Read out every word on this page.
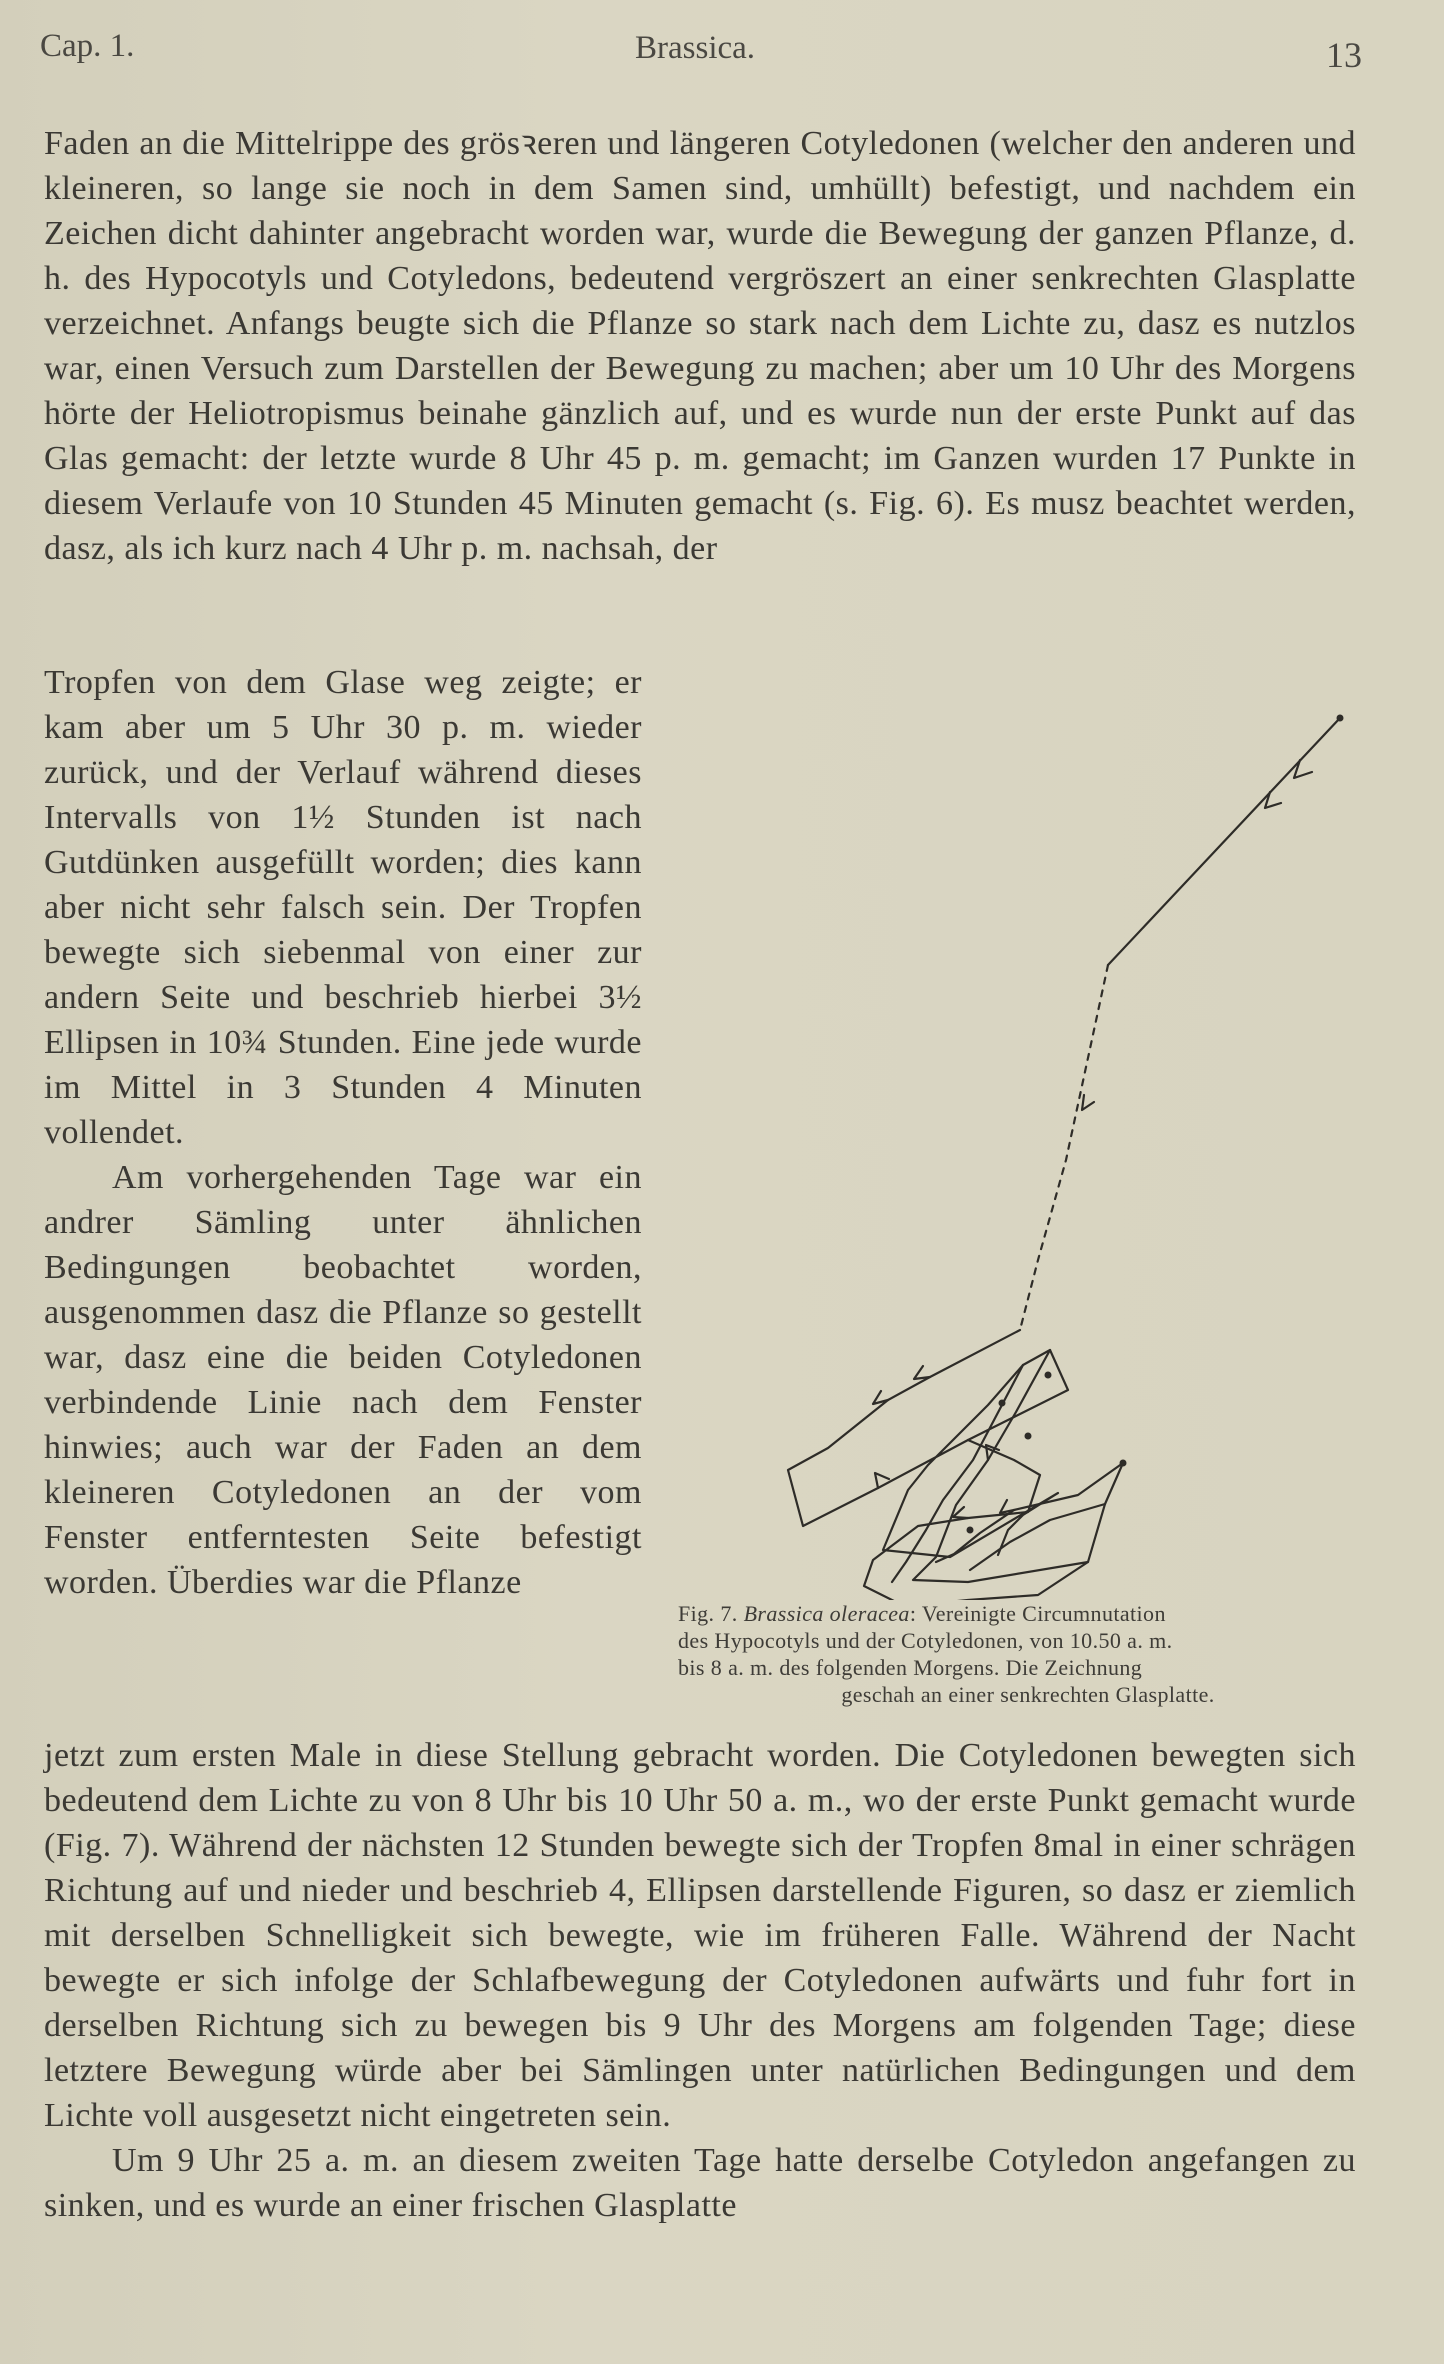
Cap. 1.	Brassica.	13

Faden an die Mittelrippe des grösꝛeren und längeren Cotyledonen (welcher den anderen und kleineren, so lange sie noch in dem Samen sind, umhüllt) befestigt, und nachdem ein Zeichen dicht dahinter angebracht worden war, wurde die Bewegung der ganzen Pflanze, d. h. des Hypocotyls und Cotyledons, bedeutend vergröszert an einer senkrechten Glasplatte verzeichnet. Anfangs beugte sich die Pflanze so stark nach dem Lichte zu, dasz es nutzlos war, einen Versuch zum Darstellen der Bewegung zu machen; aber um 10 Uhr des Morgens hörte der Heliotropismus beinahe gänzlich auf, und es wurde nun der erste Punkt auf das Glas gemacht: der letzte wurde 8 Uhr 45 p. m. gemacht; im Ganzen wurden 17 Punkte in diesem Verlaufe von 10 Stunden 45 Minuten gemacht (s. Fig. 6). Es musz beachtet werden, dasz, als ich kurz nach 4 Uhr p. m. nachsah, der

Tropfen von dem Glase weg zeigte; er kam aber um 5 Uhr 30 p. m. wieder zurück, und der Verlauf während dieses Intervalls von 1½ Stunden ist nach Gutdünken ausgefüllt worden; dies kann aber nicht sehr falsch sein. Der Tropfen bewegte sich siebenmal von einer zur andern Seite und beschrieb hierbei 3½ Ellipsen in 10¾ Stunden. Eine jede wurde im Mittel in 3 Stunden 4 Minuten vollendet.

Am vorhergehenden Tage war ein andrer Sämling unter ähnlichen Bedingungen beobachtet worden, ausgenommen dasz die Pflanze so gestellt war, dasz eine die beiden Cotyledonen verbindende Linie nach dem Fenster hinwies; auch war der Faden an dem kleineren Cotyledonen an der vom Fenster entferntesten Seite befestigt worden. Überdies war die Pflanze

Fig. 7. Brassica oleracea: Vereinigte Circumnutation
des Hypocotyls und der Cotyledonen, von 10.50 a. m.
bis 8 a. m. des folgenden Morgens. Die Zeichnung
geschah an einer senkrechten Glasplatte.

jetzt zum ersten Male in diese Stellung gebracht worden. Die Cotyledonen bewegten sich bedeutend dem Lichte zu von 8 Uhr bis 10 Uhr 50 a. m., wo der erste Punkt gemacht wurde (Fig. 7). Während der nächsten 12 Stunden bewegte sich der Tropfen 8mal in einer schrägen Richtung auf und nieder und beschrieb 4, Ellipsen darstellende Figuren, so dasz er ziemlich mit derselben Schnelligkeit sich bewegte, wie im früheren Falle. Während der Nacht bewegte er sich infolge der Schlafbewegung der Cotyledonen aufwärts und fuhr fort in derselben Richtung sich zu bewegen bis 9 Uhr des Morgens am folgenden Tage; diese letztere Bewegung würde aber bei Sämlingen unter natürlichen Bedingungen und dem Lichte voll ausgesetzt nicht eingetreten sein.

Um 9 Uhr 25 a. m. an diesem zweiten Tage hatte derselbe Cotyledon angefangen zu sinken, und es wurde an einer frischen Glasplatte
